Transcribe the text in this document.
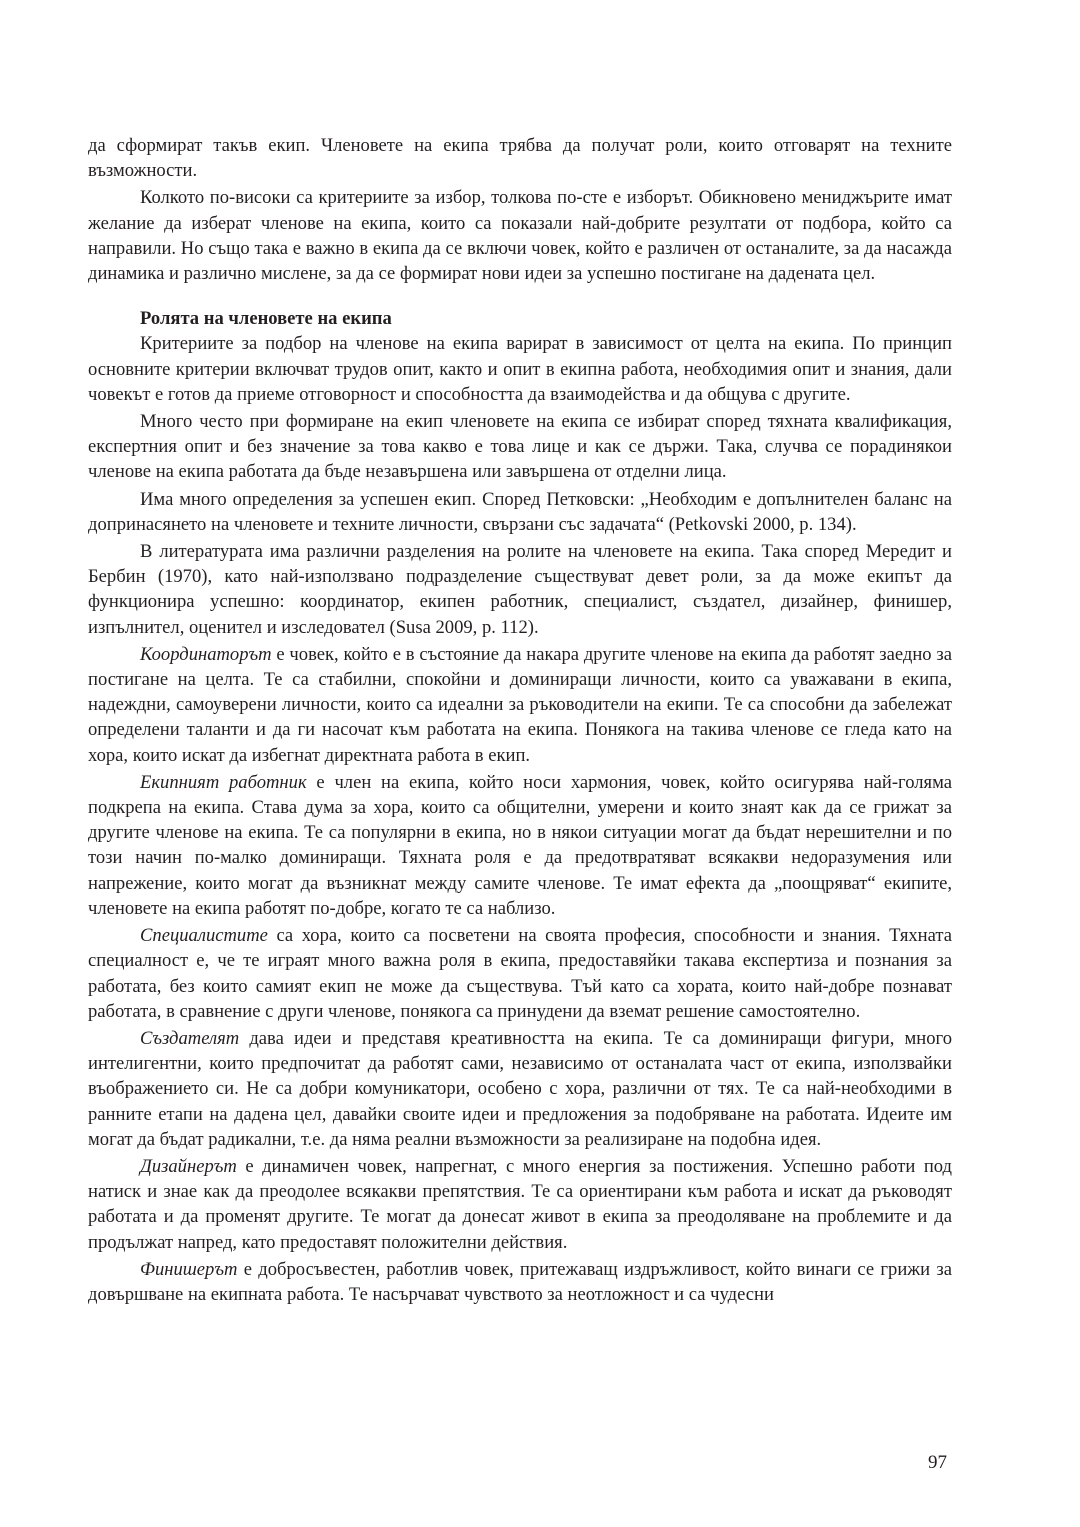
да сформират такъв екип. Членовете на екипа трябва да получат роли, които отговарят на техните възможности.

Колкото по-високи са критериите за избор, толкова по-сте е изборът. Обикновено мениджърите имат желание да изберат членове на екипа, които са показали най-добрите резултати от подбора, който са направили. Но също така е важно в екипа да се включи човек, който е различен от останалите, за да насажда динамика и различно мислене, за да се формират нови идеи за успешно постигане на дадената цел.

Ролята на членовете на екипа

Критериите за подбор на членове на екипа варират в зависимост от целта на екипа. По принцип основните критерии включват трудов опит, както и опит в екипна работа, необходимия опит и знания, дали човекът е готов да приеме отговорност и способността да взаимодейства и да общува с другите.

Много често при формиране на екип членовете на екипа се избират според тяхната квалификация, експертния опит и без значение за това какво е това лице и как се държи. Така, случва се порадинякои членове на екипа работата да бъде незавършена или завършена от отделни лица.

Има много определения за успешен екип. Според Петковски: „Необходим е допълнителен баланс на допринасянето на членовете и техните личности, свързани със задачата“ (Petkovski 2000, p. 134).

В литературата има различни разделения на ролите на членовете на екипа. Така според Мередит и Бербин (1970), като най-използвано подразделение съществуват девет роли, за да може екипът да функционира успешно: координатор, екипен работник, специалист, създател, дизайнер, финишер, изпълнител, оценител и изследовател (Susa 2009, p. 112).

Координаторът е човек, който е в състояние да накара другите членове на екипа да работят заедно за постигане на целта. Те са стабилни, спокойни и доминиращи личности, които са уважавани в екипа, надеждни, самоуверени личности, които са идеални за ръководители на екипи. Те са способни да забележат определени таланти и да ги насочат към работата на екипа. Понякога на такива членове се гледа като на хора, които искат да избегнат директната работа в екип.

Екипният работник е член на екипа, който носи хармония, човек, който осигурява най-голяма подкрепа на екипа. Става дума за хора, които са общителни, умерени и които знаят как да се грижат за другите членове на екипа. Те са популярни в екипа, но в някои ситуации могат да бъдат нерешителни и по този начин по-малко доминиращи. Тяхната роля е да предотвратяват всякакви недоразумения или напрежение, които могат да възникнат между самите членове. Те имат ефекта да „поощряват“ екипите, членовете на екипа работят по-добре, когато те са наблизо.

Специалистите са хора, които са посветени на своята професия, способности и знания. Тяхната специалност е, че те играят много важна роля в екипа, предоставяйки такава експертиза и познания за работата, без които самият екип не може да съществува. Тъй като са хората, които най-добре познават работата, в сравнение с други членове, понякога са принудени да вземат решение самостоятелно.

Създателят дава идеи и представя креативността на екипа. Те са доминиращи фигури, много интелигентни, които предпочитат да работят сами, независимо от останалата част от екипа, използвайки въображението си. Не са добри комуникатори, особено с хора, различни от тях. Те са най-необходими в ранните етапи на дадена цел, давайки своите идеи и предложения за подобряване на работата. Идеите им могат да бъдат радикални, т.е. да няма реални възможности за реализиране на подобна идея.

Дизайнерът е динамичен човек, напрегнат, с много енергия за постижения. Успешно работи под натиск и знае как да преодолее всякакви препятствия. Те са ориентирани към работа и искат да ръководят работата и да променят другите. Те могат да донесат живот в екипа за преодоляване на проблемите и да продължат напред, като предоставят положителни действия.

Финишерът е добросъвестен, работлив човек, притежаващ издръжливост, който винаги се грижи за довършване на екипната работа. Те насърчават чувството за неотложност и са чудесни

97
